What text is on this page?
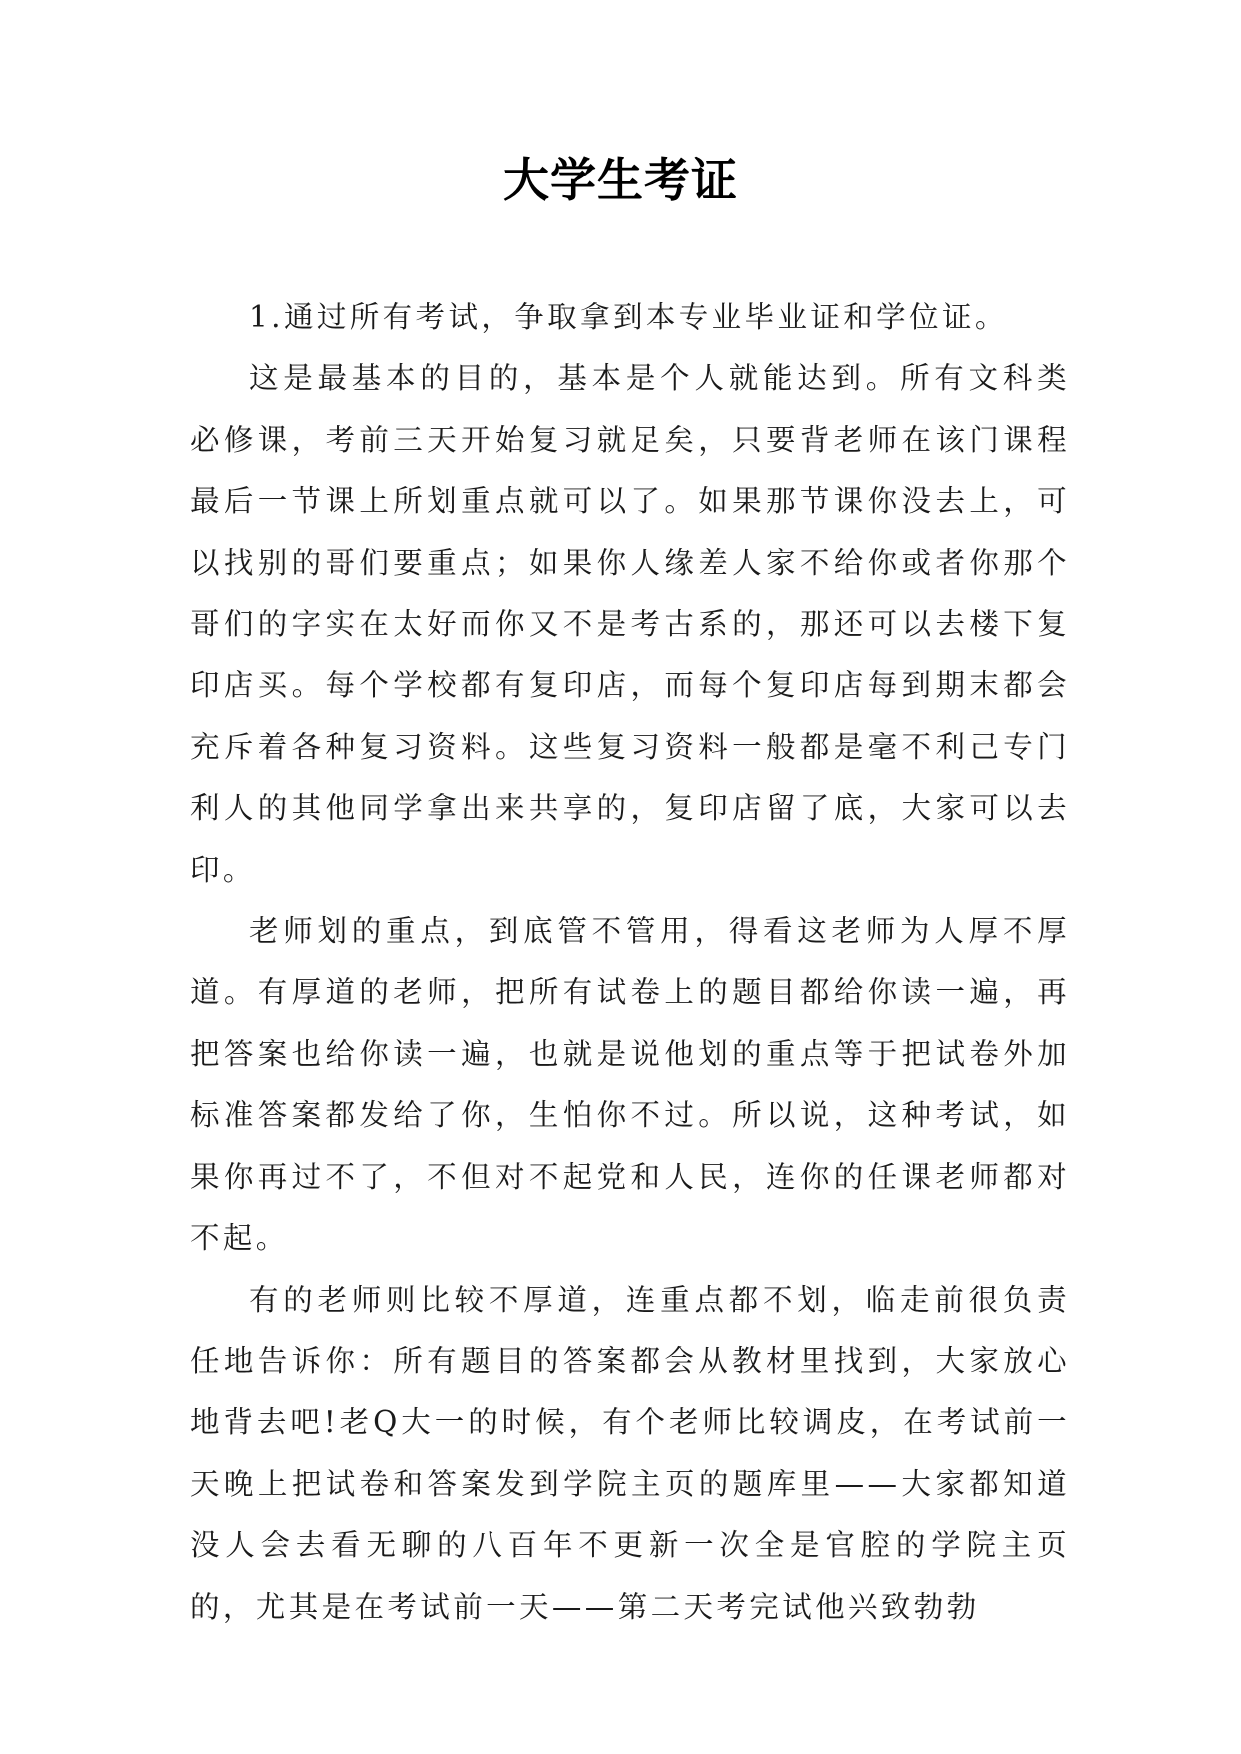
大学生考证

1.通过所有考试，争取拿到本专业毕业证和学位证。

这是最基本的目的，基本是个人就能达到。所有文科类必修课，考前三天开始复习就足矣，只要背老师在该门课程最后一节课上所划重点就可以了。如果那节课你没去上，可以找别的哥们要重点；如果你人缘差人家不给你或者你那个哥们的字实在太好而你又不是考古系的，那还可以去楼下复印店买。每个学校都有复印店，而每个复印店每到期末都会充斥着各种复习资料。这些复习资料一般都是毫不利己专门利人的其他同学拿出来共享的，复印店留了底，大家可以去印。

老师划的重点，到底管不管用，得看这老师为人厚不厚道。有厚道的老师，把所有试卷上的题目都给你读一遍，再把答案也给你读一遍，也就是说他划的重点等于把试卷外加标准答案都发给了你，生怕你不过。所以说，这种考试，如果你再过不了，不但对不起党和人民，连你的任课老师都对不起。

有的老师则比较不厚道，连重点都不划，临走前很负责任地告诉你：所有题目的答案都会从教材里找到，大家放心地背去吧!老Q大一的时候，有个老师比较调皮，在考试前一天晚上把试卷和答案发到学院主页的题库里——大家都知道没人会去看无聊的八百年不更新一次全是官腔的学院主页的，尤其是在考试前一天——第二天考完试他兴致勃勃
